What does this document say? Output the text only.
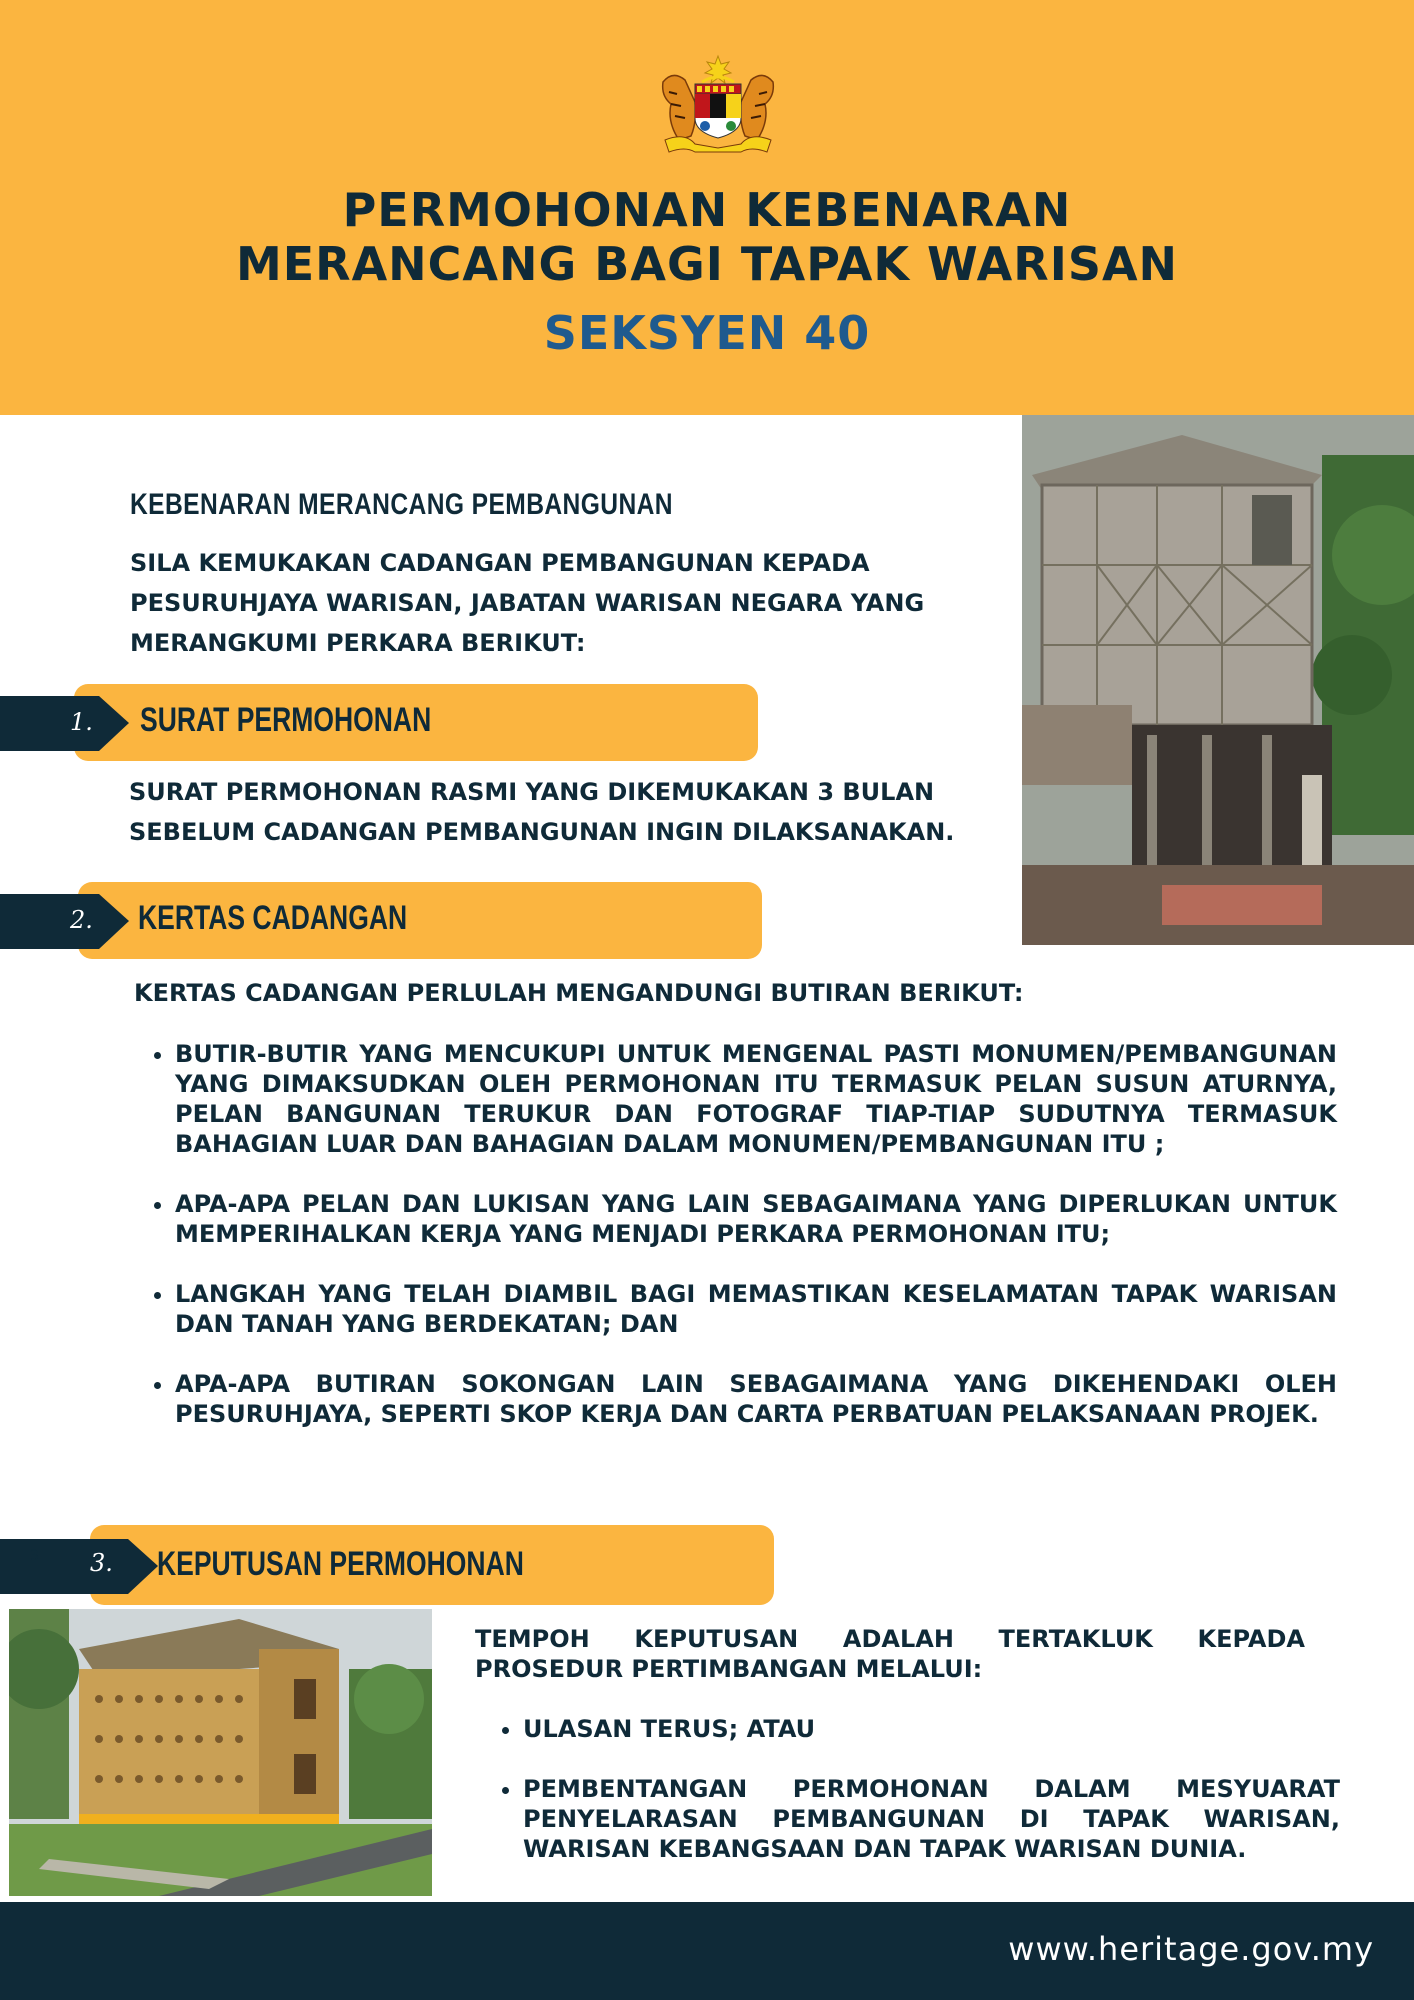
PERMOHONAN KEBENARAN
MERANCANG BAGI TAPAK WARISAN
SEKSYEN 40
KEBENARAN MERANCANG PEMBANGUNAN
SILA KEMUKAKAN CADANGAN PEMBANGUNAN KEPADA PESURUHJAYA WARISAN, JABATAN WARISAN NEGARA YANG MERANGKUMI PERKARA BERIKUT:
1. SURAT PERMOHONAN
SURAT PERMOHONAN RASMI YANG DIKEMUKAKAN 3 BULAN SEBELUM CADANGAN PEMBANGUNAN INGIN DILAKSANAKAN.
2. KERTAS CADANGAN
KERTAS CADANGAN PERLULAH MENGANDUNGI BUTIRAN BERIKUT:
• BUTIR-BUTIR YANG MENCUKUPI UNTUK MENGENAL PASTI MONUMEN/PEMBANGUNAN YANG DIMAKSUDKAN OLEH PERMOHONAN ITU TERMASUK PELAN SUSUN ATURNYA, PELAN BANGUNAN TERUKUR DAN FOTOGRAF TIAP-TIAP SUDUTNYA TERMASUK BAHAGIAN LUAR DAN BAHAGIAN DALAM MONUMEN/PEMBANGUNAN ITU ;
• APA-APA PELAN DAN LUKISAN YANG LAIN SEBAGAIMANA YANG DIPERLUKAN UNTUK MEMPERIHALKAN KERJA YANG MENJADI PERKARA PERMOHONAN ITU;
• LANGKAH YANG TELAH DIAMBIL BAGI MEMASTIKAN KESELAMATAN TAPAK WARISAN DAN TANAH YANG BERDEKATAN; DAN
• APA-APA BUTIRAN SOKONGAN LAIN SEBAGAIMANA YANG DIKEHENDAKI OLEH PESURUHJAYA, SEPERTI SKOP KERJA DAN CARTA PERBATUAN PELAKSANAAN PROJEK.
3 3. KEPUTUSAN PERMOHONAN
TEMPOH KEPUTUSAN ADALAH TERTAKLUK KEPADA PROSEDUR PERTIMBANGAN MELALUI:
• ULASAN TERUS; ATAU
• PEMBENTANGAN PERMOHONAN DALAM MESYUARAT PENYELARASAN PEMBANGUNAN DI TAPAK WARISAN, WARISAN KEBANGSAAN DAN TAPAK WARISAN DUNIA.
www.heritage.gov.my
